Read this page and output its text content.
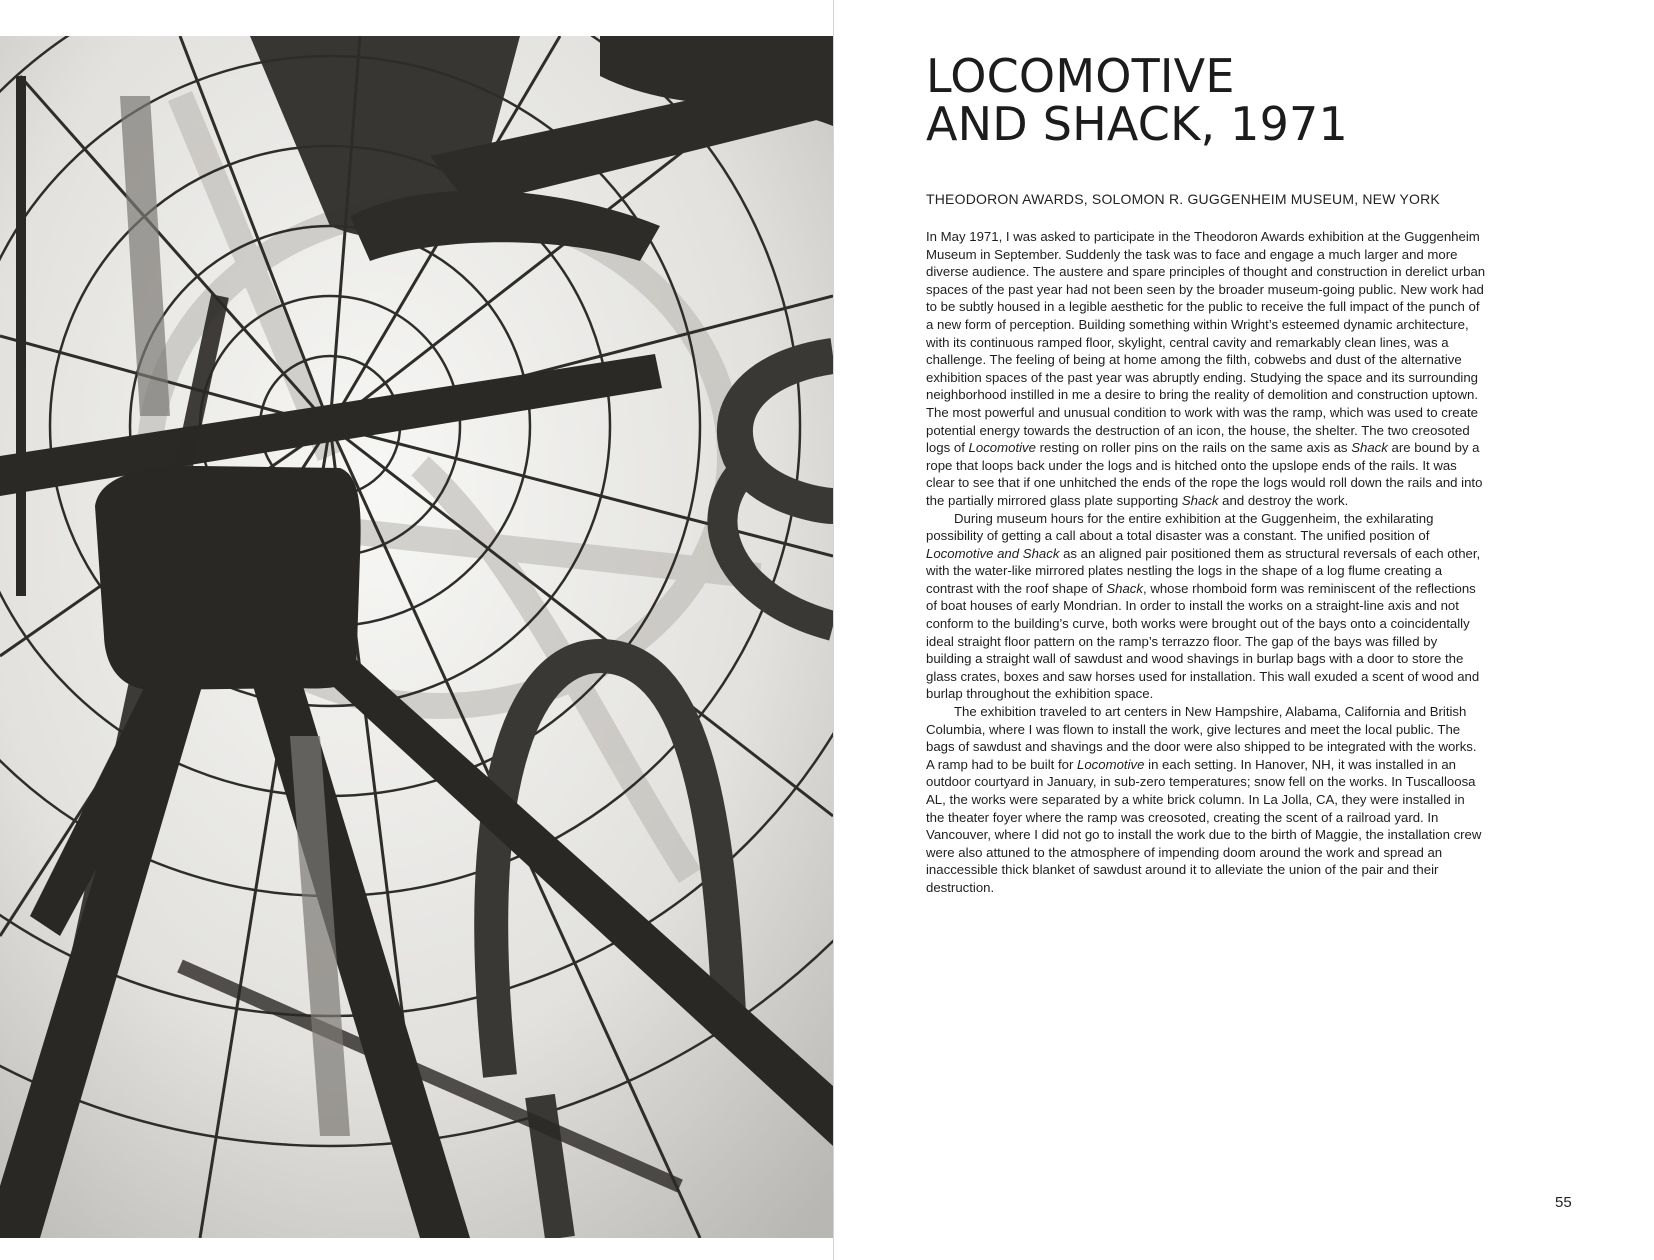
LOCOMOTIVE
AND SHACK, 1971

THEODORON AWARDS, SOLOMON R. GUGGENHEIM MUSEUM, NEW YORK

In May 1971, I was asked to participate in the Theodoron Awards exhibition at the Guggenheim Museum in September. Suddenly the task was to face and engage a much larger and more diverse audience. The austere and spare principles of thought and construction in derelict urban spaces of the past year had not been seen by the broader museum-going public. New work had to be subtly housed in a legible aesthetic for the public to receive the full impact of the punch of a new form of perception. Building something within Wright’s esteemed dynamic architecture, with its continuous ramped floor, skylight, central cavity and remarkably clean lines, was a challenge. The feeling of being at home among the filth, cobwebs and dust of the alternative exhibition spaces of the past year was abruptly ending. Studying the space and its surrounding neighborhood instilled in me a desire to bring the reality of demolition and construction uptown. The most powerful and unusual condition to work with was the ramp, which was used to create potential energy towards the destruction of an icon, the house, the shelter. The two creosoted logs of Locomotive resting on roller pins on the rails on the same axis as Shack are bound by a rope that loops back under the logs and is hitched onto the upslope ends of the rails. It was clear to see that if one unhitched the ends of the rope the logs would roll down the rails and into the partially mirrored glass plate supporting Shack and destroy the work.

During museum hours for the entire exhibition at the Guggenheim, the exhilarating possibility of getting a call about a total disaster was a constant. The unified position of Locomotive and Shack as an aligned pair positioned them as structural reversals of each other, with the water-like mirrored plates nestling the logs in the shape of a log flume creating a contrast with the roof shape of Shack, whose rhomboid form was reminiscent of the reflections of boat houses of early Mondrian. In order to install the works on a straight-line axis and not conform to the building’s curve, both works were brought out of the bays onto a coincidentally ideal straight floor pattern on the ramp’s terrazzo floor. The gap of the bays was filled by building a straight wall of sawdust and wood shavings in burlap bags with a door to store the glass crates, boxes and saw horses used for installation. This wall exuded a scent of wood and burlap throughout the exhibition space.

The exhibition traveled to art centers in New Hampshire, Alabama, California and British Columbia, where I was flown to install the work, give lectures and meet the local public. The bags of sawdust and shavings and the door were also shipped to be integrated with the works. A ramp had to be built for Locomotive in each setting. In Hanover, NH, it was installed in an outdoor courtyard in January, in sub-zero temperatures; snow fell on the works. In Tuscalloosa AL, the works were separated by a white brick column. In La Jolla, CA, they were installed in the theater foyer where the ramp was creosoted, creating the scent of a railroad yard. In Vancouver, where I did not go to install the work due to the birth of Maggie, the installation crew were also attuned to the atmosphere of impending doom around the work and spread an inaccessible thick blanket of sawdust around it to alleviate the union of the pair and their destruction.

55
